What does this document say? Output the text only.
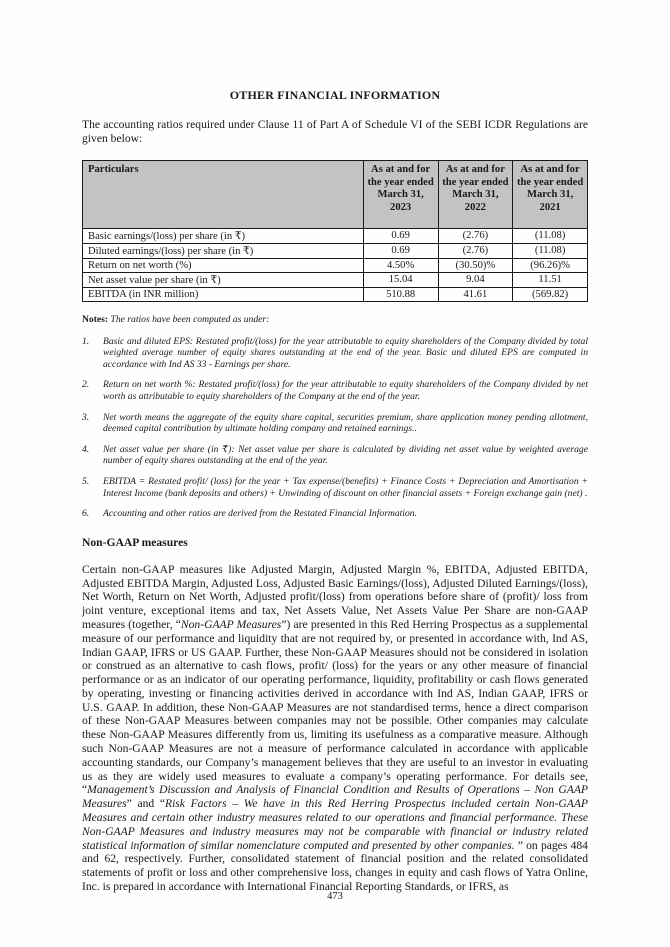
OTHER FINANCIAL INFORMATION

The accounting ratios required under Clause 11 of Part A of Schedule VI of the SEBI ICDR Regulations are given below:

Particulars	As at and for the year ended March 31, 2023	As at and for the year ended March 31, 2022	As at and for the year ended March 31, 2021
Basic earnings/(loss) per share (in ₹)	0.69	(2.76)	(11.08)
Diluted earnings/(loss) per share (in ₹)	0.69	(2.76)	(11.08)
Return on net worth (%)	4.50%	(30.50)%	(96.26)%
Net asset value per share (in ₹)	15.04	9.04	11.51
EBITDA (in INR million)	510.88	41.61	(569.82)

Notes: The ratios have been computed as under:

1.	Basic and diluted EPS: Restated profit/(loss) for the year attributable to equity shareholders of the Company divided by total weighted average number of equity shares outstanding at the end of the year. Basic and diluted EPS are computed in accordance with Ind AS 33 - Earnings per share.
2.	Return on net worth %: Restated profit/(loss) for the year attributable to equity shareholders of the Company divided by net worth as attributable to equity shareholders of the Company at the end of the year.
3.	Net worth means the aggregate of the equity share capital, securities premium, share application money pending allotment, deemed capital contribution by ultimate holding company and retained earnings..
4.	Net asset value per share (in ₹): Net asset value per share is calculated by dividing net asset value by weighted average number of equity shares outstanding at the end of the year.
5.	EBITDA = Restated profit/ (loss) for the year + Tax expense/(benefits) + Finance Costs + Depreciation and Amortisation + Interest Income (bank deposits and others) + Unwinding of discount on other financial assets + Foreign exchange gain (net) .
6.	Accounting and other ratios are derived from the Restated Financial Information.
Non-GAAP measures

Certain non-GAAP measures like Adjusted Margin, Adjusted Margin %, EBITDA, Adjusted EBITDA, Adjusted EBITDA Margin, Adjusted Loss, Adjusted Basic Earnings/(loss), Adjusted Diluted Earnings/(loss), Net Worth, Return on Net Worth, Adjusted profit/(loss) from operations before share of (profit)/ loss from joint venture, exceptional items and tax, Net Assets Value, Net Assets Value Per Share are non-GAAP measures (together, “Non-GAAP Measures”) are presented in this Red Herring Prospectus as a supplemental measure of our performance and liquidity that are not required by, or presented in accordance with, Ind AS, Indian GAAP, IFRS or US GAAP. Further, these Non-GAAP Measures should not be considered in isolation or construed as an alternative to cash flows, profit/ (loss) for the years or any other measure of financial performance or as an indicator of our operating performance, liquidity, profitability or cash flows generated by operating, investing or financing activities derived in accordance with Ind AS, Indian GAAP, IFRS or U.S. GAAP. In addition, these Non-GAAP Measures are not standardised terms, hence a direct comparison of these Non-GAAP Measures between companies may not be possible. Other companies may calculate these Non-GAAP Measures differently from us, limiting its usefulness as a comparative measure. Although such Non-GAAP Measures are not a measure of performance calculated in accordance with applicable accounting standards, our Company’s management believes that they are useful to an investor in evaluating us as they are widely used measures to evaluate a company’s operating performance. For details see, “Management’s Discussion and Analysis of Financial Condition and Results of Operations – Non GAAP Measures” and “Risk Factors – We have in this Red Herring Prospectus included certain Non-GAAP Measures and certain other industry measures related to our operations and financial performance. These Non-GAAP Measures and industry measures may not be comparable with financial or industry related statistical information of similar nomenclature computed and presented by other companies. ” on pages 484 and 62, respectively. Further, consolidated statement of financial position and the related consolidated statements of profit or loss and other comprehensive loss, changes in equity and cash flows of Yatra Online, Inc. is prepared in accordance with International Financial Reporting Standards, or IFRS, as

473
